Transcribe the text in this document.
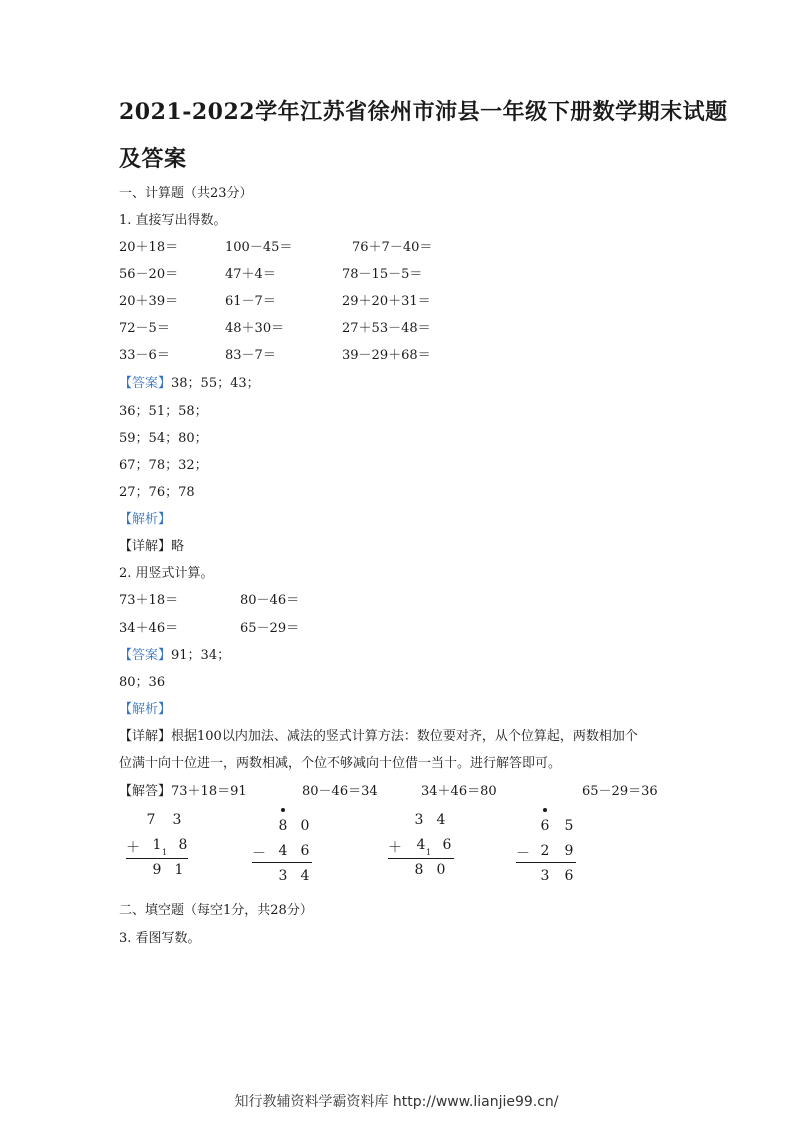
2021-2022学年江苏省徐州市沛县一年级下册数学期末试题
及答案
一、计算题（共23分）
1. 直接写出得数。
20＋18＝	100－45＝	76＋7－40＝
56－20＝	47＋4＝	78－15－5＝
20＋39＝	61－7＝	29＋20＋31＝
72－5＝	48＋30＝	27＋53－48＝
33－6＝	83－7＝	39－29＋68＝
【答案】38；55；43；
36；51；58；
59；54；80；
67；78；32；
27；76；78
【解析】
【详解】略
2. 用竖式计算。
73＋18＝	80－46＝
34＋46＝	65－29＝
【答案】91；34；
80；36
【解析】
【详解】根据100以内加法、减法的竖式计算方法：数位要对齐，从个位算起，两数相加个
位满十向十位进一，两数相减，个位不够减向十位借一当十。进行解答即可。
【解答】73＋18＝91	80－46＝34	34＋46＝80	65－29＝36
7 3
＋ 1 1 8
9 1
8 0
－ 4 6
3 4
3 4
＋ 4 1 6
8 0
6 5
－ 2 9
3 6
二、填空题（每空1分，共28分）
3. 看图写数。
知行教辅资料学霸资料库 http://www.lianjie99.cn/
